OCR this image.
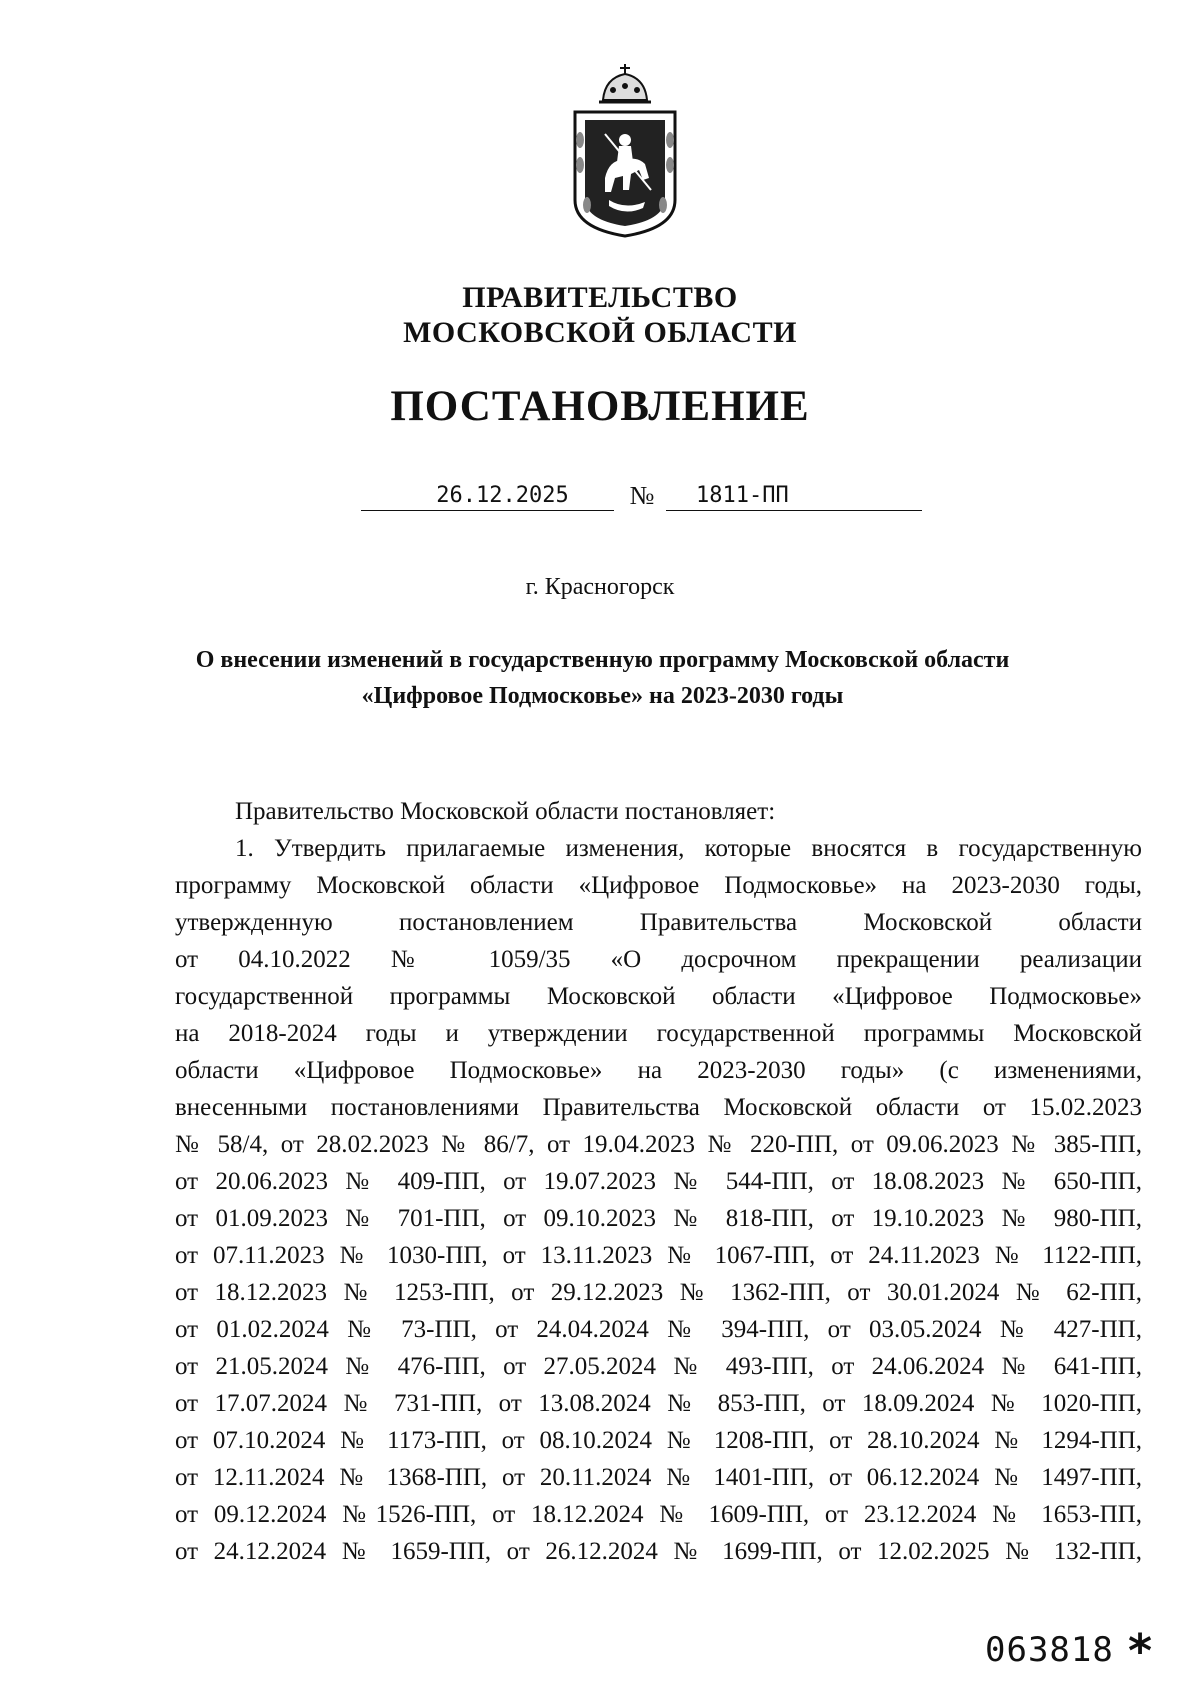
ПРАВИТЕЛЬСТВО
МОСКОВСКОЙ ОБЛАСТИ
ПОСТАНОВЛЕНИЕ
26.12.2025	№	1811-ПП
г. Красногорск
О внесении изменений в государственную программу Московской области
«Цифровое Подмосковье» на 2023-2030 годы
Правительство Московской области постановляет:
1. Утвердить прилагаемые изменения, которые вносятся в государственную
программу Московской области «Цифровое Подмосковье» на 2023-2030 годы,
утвержденную постановлением Правительства Московской области
от 04.10.2022 № 1059/35 «О досрочном прекращении реализации
государственной программы Московской области «Цифровое Подмосковье»
на 2018-2024 годы и утверждении государственной программы Московской
области «Цифровое Подмосковье» на 2023-2030 годы» (с изменениями,
внесенными постановлениями Правительства Московской области от 15.02.2023
№ 58/4, от 28.02.2023 № 86/7, от 19.04.2023 № 220-ПП, от 09.06.2023 № 385-ПП,
от 20.06.2023 № 409-ПП, от 19.07.2023 № 544-ПП, от 18.08.2023 № 650-ПП,
от 01.09.2023 № 701-ПП, от 09.10.2023 № 818-ПП, от 19.10.2023 № 980-ПП,
от 07.11.2023 № 1030-ПП, от 13.11.2023 № 1067-ПП, от 24.11.2023 № 1122-ПП,
от 18.12.2023 № 1253-ПП, от 29.12.2023 № 1362-ПП, от 30.01.2024 № 62-ПП,
от 01.02.2024 № 73-ПП, от 24.04.2024 № 394-ПП, от 03.05.2024 № 427-ПП,
от 21.05.2024 № 476-ПП, от 27.05.2024 № 493-ПП, от 24.06.2024 № 641-ПП,
от 17.07.2024 № 731-ПП, от 13.08.2024 № 853-ПП, от 18.09.2024 № 1020-ПП,
от 07.10.2024 № 1173-ПП, от 08.10.2024 № 1208-ПП, от 28.10.2024 № 1294-ПП,
от 12.11.2024 № 1368-ПП, от 20.11.2024 № 1401-ПП, от 06.12.2024 № 1497-ПП,
от 09.12.2024 №1526-ПП, от 18.12.2024 № 1609-ПП, от 23.12.2024 № 1653-ПП,
от 24.12.2024 № 1659-ПП, от 26.12.2024 № 1699-ПП, от 12.02.2025 № 132-ПП,
063818 *
